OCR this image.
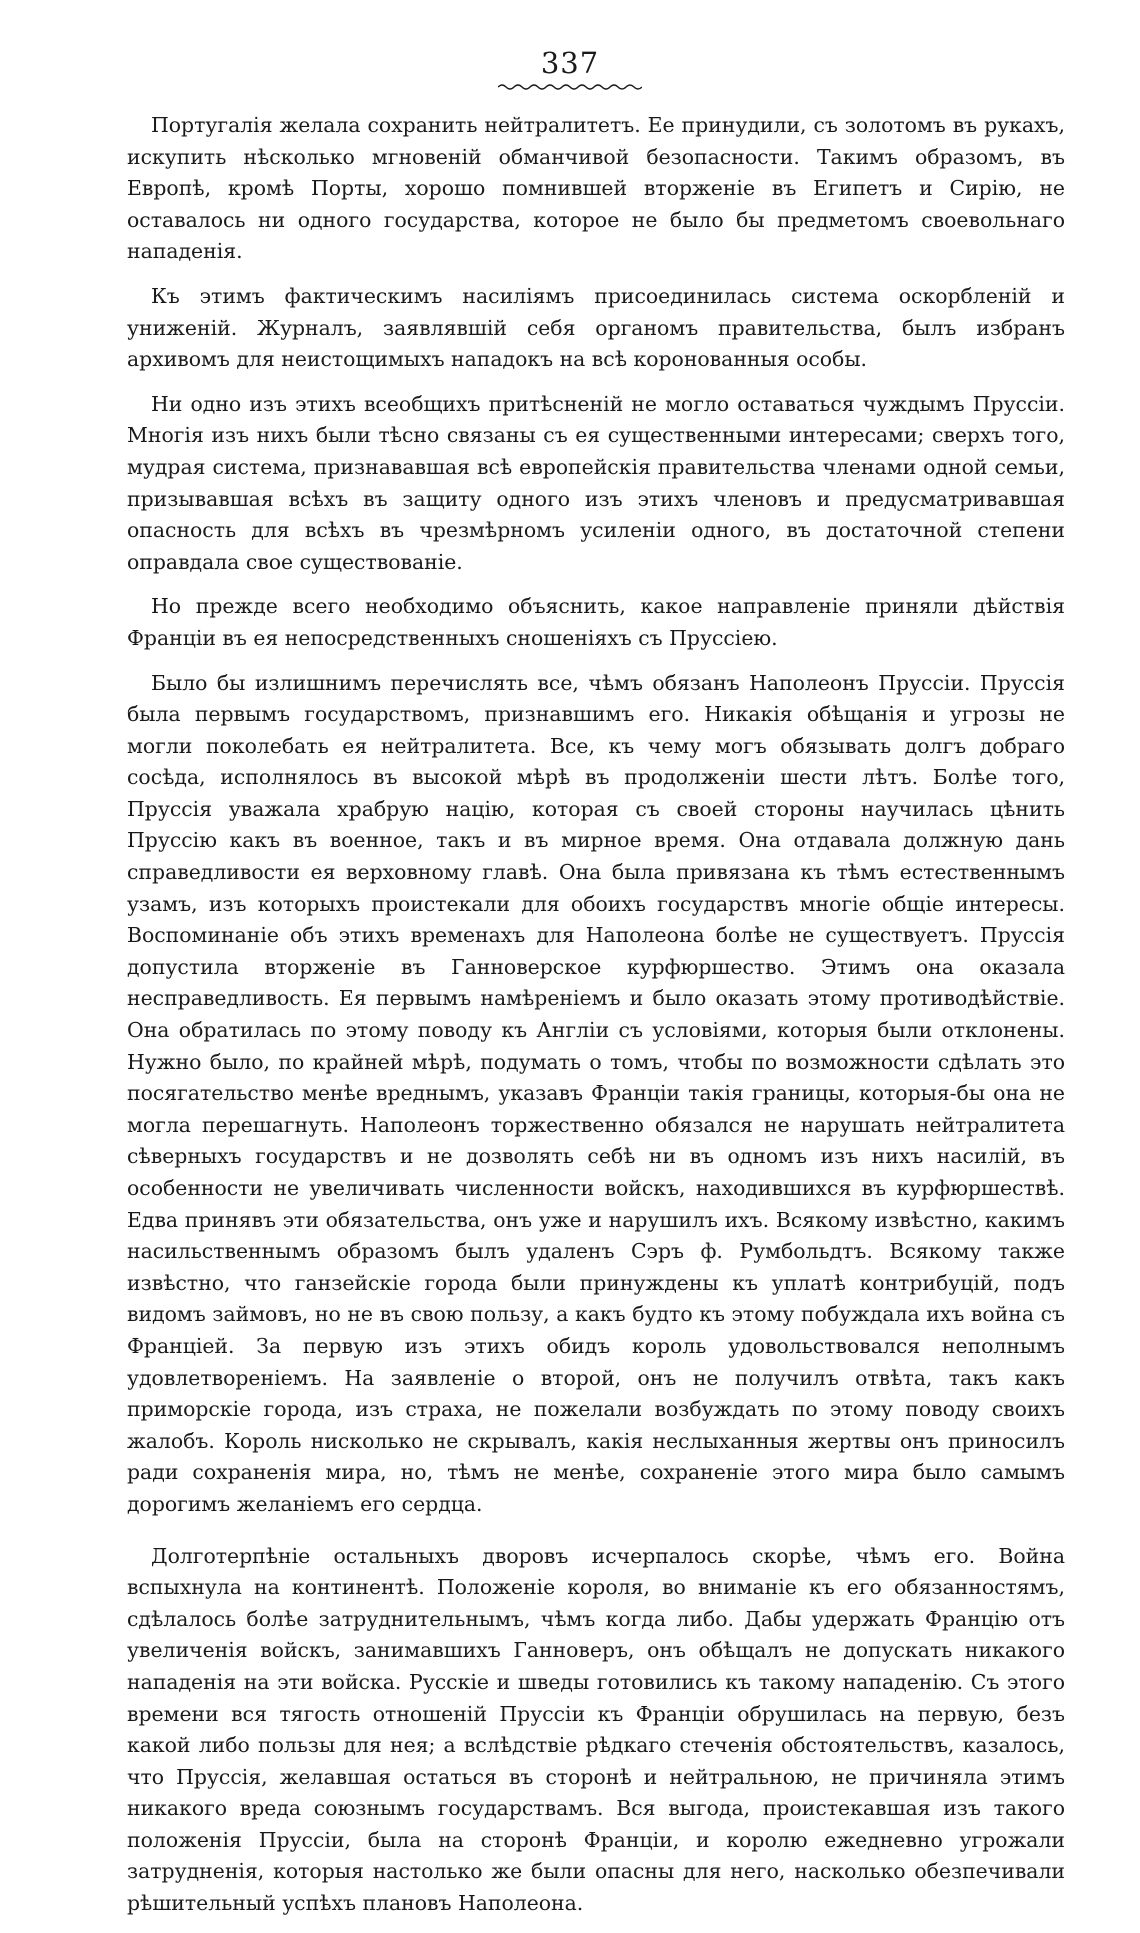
337

Португалія желала сохранить нейтралитетъ. Ее принудили, съ золотомъ въ рукахъ, искупить нѣсколько мгновеній обманчивой безопасности. Такимъ образомъ, въ Европѣ, кромѣ Порты, хорошо помнившей вторженіе въ Египетъ и Сирію, не оставалось ни одного государства, которое не было бы предметомъ своевольнаго нападенія.

Къ этимъ фактическимъ насиліямъ присоединилась система оскорбленій и униженій. Журналъ, заявлявшій себя органомъ правительства, былъ избранъ архивомъ для неистощимыхъ нападокъ на всѣ коронованныя особы.

Ни одно изъ этихъ всеобщихъ притѣсненій не могло оставаться чуждымъ Пруссіи. Многія изъ нихъ были тѣсно связаны съ ея существенными интересами; сверхъ того, мудрая система, признававшая всѣ европейскія правительства членами одной семьи, призывавшая всѣхъ въ защиту одного изъ этихъ членовъ и предусматривавшая опасность для всѣхъ въ чрезмѣрномъ усиленіи одного, въ достаточной степени оправдала свое существованіе.

Но прежде всего необходимо объяснить, какое направленіе приняли дѣйствія Франціи въ ея непосредственныхъ сношеніяхъ съ Пруссіею.

Было бы излишнимъ перечислять все, чѣмъ обязанъ Наполеонъ Пруссіи. Пруссія была первымъ государствомъ, признавшимъ его. Никакія обѣщанія и угрозы не могли поколебать ея нейтралитета. Все, къ чему могъ обязывать долгъ добраго сосѣда, исполнялось въ высокой мѣрѣ въ продолженіи шести лѣтъ. Болѣе того, Пруссія уважала храбрую націю, которая съ своей стороны научилась цѣнить Пруссію какъ въ военное, такъ и въ мирное время. Она отдавала должную дань справедливости ея верховному главѣ. Она была привязана къ тѣмъ естественнымъ узамъ, изъ которыхъ проистекали для обоихъ государствъ многіе общіе интересы. Воспоминаніе объ этихъ временахъ для Наполеона болѣе не существуетъ. Пруссія допустила вторженіе въ Ганноверское курфюршество. Этимъ она оказала несправедливость. Ея первымъ намѣреніемъ и было оказать этому противодѣйствіе. Она обратилась по этому поводу къ Англіи съ условіями, которыя были отклонены. Нужно было, по крайней мѣрѣ, подумать о томъ, чтобы по возможности сдѣлать это посягательство менѣе вреднымъ, указавъ Франціи такія границы, которыя-бы она не могла перешагнуть. Наполеонъ торжественно обязался не нарушать нейтралитета сѣверныхъ государствъ и не дозволять себѣ ни въ одномъ изъ нихъ насилій, въ особенности не увеличивать численности войскъ, находившихся въ курфюршествѣ. Едва принявъ эти обязательства, онъ уже и нарушилъ ихъ. Всякому извѣстно, какимъ насильственнымъ образомъ былъ удаленъ Сэръ ф. Румбольдтъ. Всякому также извѣстно, что ганзейскіе города были принуждены къ уплатѣ контрибуцій, подъ видомъ займовъ, но не въ свою пользу, а какъ будто къ этому побуждала ихъ война съ Франціей. За первую изъ этихъ обидъ король удовольствовался неполнымъ удовлетвореніемъ. На заявленіе о второй, онъ не получилъ отвѣта, такъ какъ приморскіе города, изъ страха, не пожелали возбуждать по этому поводу своихъ жалобъ. Король нисколько не скрывалъ, какія неслыханныя жертвы онъ приносилъ ради сохраненія мира, но, тѣмъ не менѣе, сохраненіе этого мира было самымъ дорогимъ желаніемъ его сердца.

Долготерпѣніе остальныхъ дворовъ исчерпалось скорѣе, чѣмъ его. Война вспыхнула на континентѣ. Положеніе короля, во вниманіе къ его обязанностямъ, сдѣлалось болѣе затруднительнымъ, чѣмъ когда либо. Дабы удержать Францію отъ увеличенія войскъ, занимавшихъ Ганноверъ, онъ обѣщалъ не допускать никакого нападенія на эти войска. Русскіе и шведы готовились къ такому нападенію. Съ этого времени вся тягость отношеній Пруссіи къ Франціи обрушилась на первую, безъ какой либо пользы для нея; а вслѣдствіе рѣдкаго стеченія обстоятельствъ, казалось, что Пруссія, желавшая остаться въ сторонѣ и нейтральною, не причиняла этимъ никакого вреда союзнымъ государствамъ. Вся выгода, проистекавшая изъ такого положенія Пруссіи, была на сторонѣ Франціи, и королю ежедневно угрожали затрудненія, которыя настолько же были опасны для него, насколько обезпечивали рѣшительный успѣхъ плановъ Наполеона.
